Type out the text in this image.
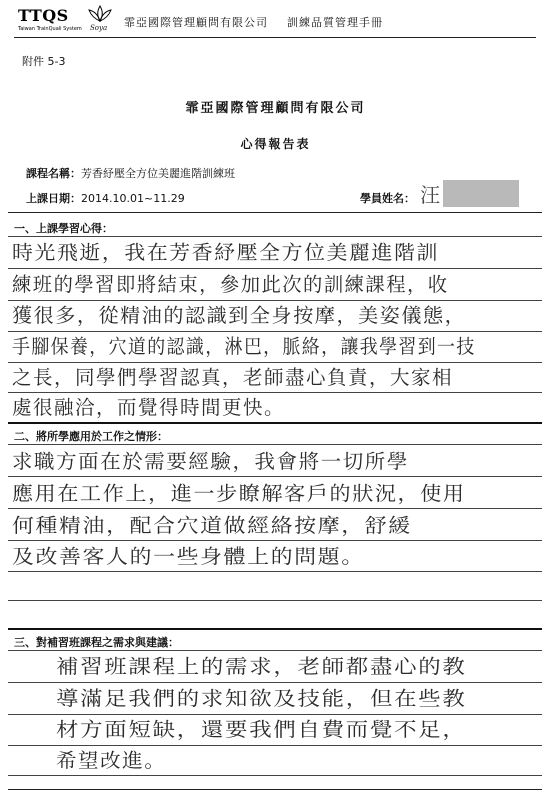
TTQS
Taiwan TrainQuali System Soya 霏亞國際管理顧問有限公司 訓練品質管理手冊
附件 5-3
霏亞國際管理顧問有限公司
心得報告表
課程名稱：芳香紓壓全方位美麗進階訓練班
上課日期：2014.10.01~11.29	學員姓名： 汪
一、上課學習心得：
時光飛逝，我在芳香紓壓全方位美麗進階訓
練班的學習即將結束，參加此次的訓練課程，收
獲很多，從精油的認識到全身按摩，美姿儀態，
手腳保養，穴道的認識，淋巴，脈絡，讓我學習到一技
之長，同學們學習認真，老師盡心負責，大家相
處很融洽，而覺得時間更快。
二、將所學應用於工作之情形：
求職方面在於需要經驗，我會將一切所學
應用在工作上，進一步瞭解客戶的狀況，使用
何種精油，配合穴道做經絡按摩，舒緩
及改善客人的一些身體上的問題。
三、對補習班課程之需求與建議：
補習班課程上的需求，老師都盡心的教
導滿足我們的求知欲及技能，但在些教
材方面短缺，還要我們自費而覺不足，
希望改進。
